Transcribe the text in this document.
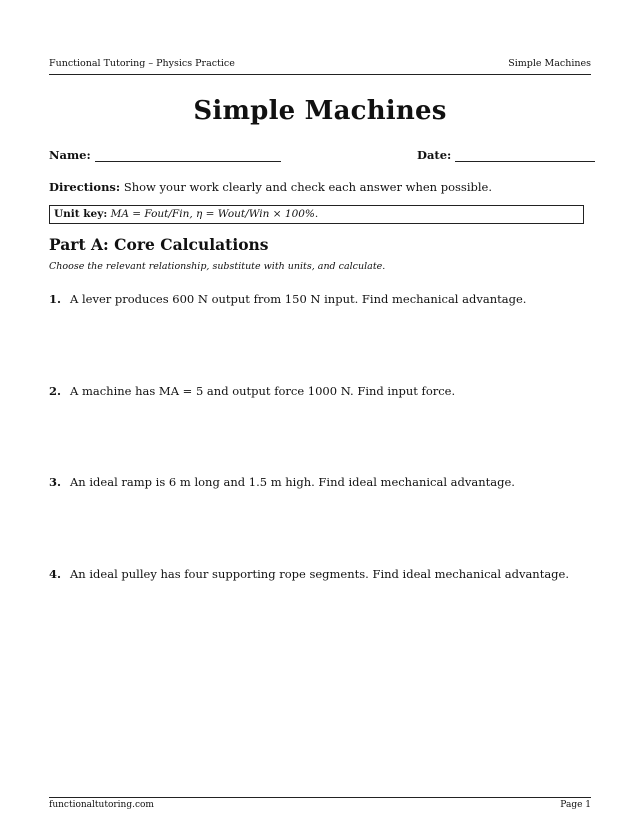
Functional Tutoring – Physics Practice	Simple Machines
Simple Machines
Name:	Date:
Directions: Show your work clearly and check each answer when possible.
Unit key: MA = Fout/Fin, η = Wout/Win × 100%.
Part A: Core Calculations
Choose the relevant relationship, substitute with units, and calculate.
1. A lever produces 600 N output from 150 N input. Find mechanical advantage.
2. A machine has MA = 5 and output force 1000 N. Find input force.
3. An ideal ramp is 6 m long and 1.5 m high. Find ideal mechanical advantage.
4. An ideal pulley has four supporting rope segments. Find ideal mechanical advantage.
functionaltutoring.com	Page 1
